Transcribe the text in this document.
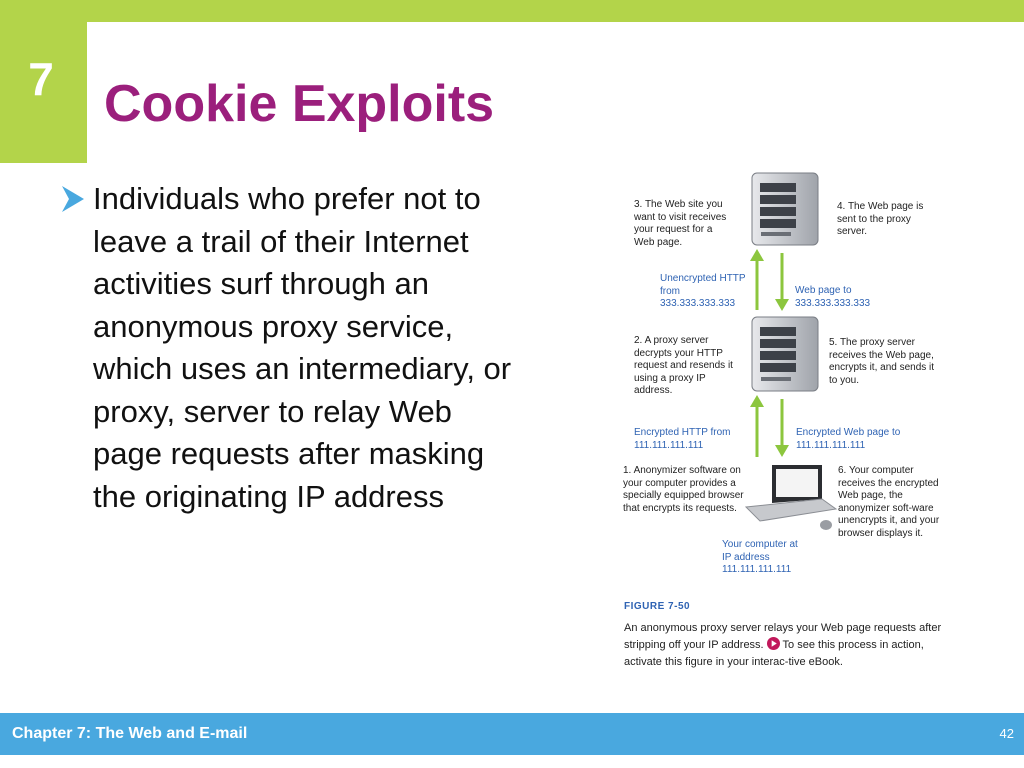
7 Cookie Exploits

Individuals who prefer not to leave a trail of their Internet activities surf through an anonymous proxy service, which uses an intermediary, or proxy, server to relay Web page requests after masking the originating IP address

3. The Web site you want to visit receives your request for a Web page.

4. The Web page is sent to the proxy server.

Unencrypted HTTP from 333.333.333.333

Web page to 333.333.333.333

2. A proxy server decrypts your HTTP request and resends it using a proxy IP address.

5. The proxy server receives the Web page, encrypts it, and sends it to you.

Encrypted HTTP from 111.111.111.111

Encrypted Web page to 111.111.111.111

1. Anonymizer software on your computer provides a specially equipped browser that encrypts its requests.

6. Your computer receives the encrypted Web page, the anonymizer soft-ware unencrypts it, and your browser displays it.

Your computer at IP address 111.111.111.111

FIGURE 7-50

An anonymous proxy server relays your Web page requests after stripping off your IP address. To see this process in action, activate this figure in your interac-tive eBook.

Chapter 7: The Web and E-mail	42
